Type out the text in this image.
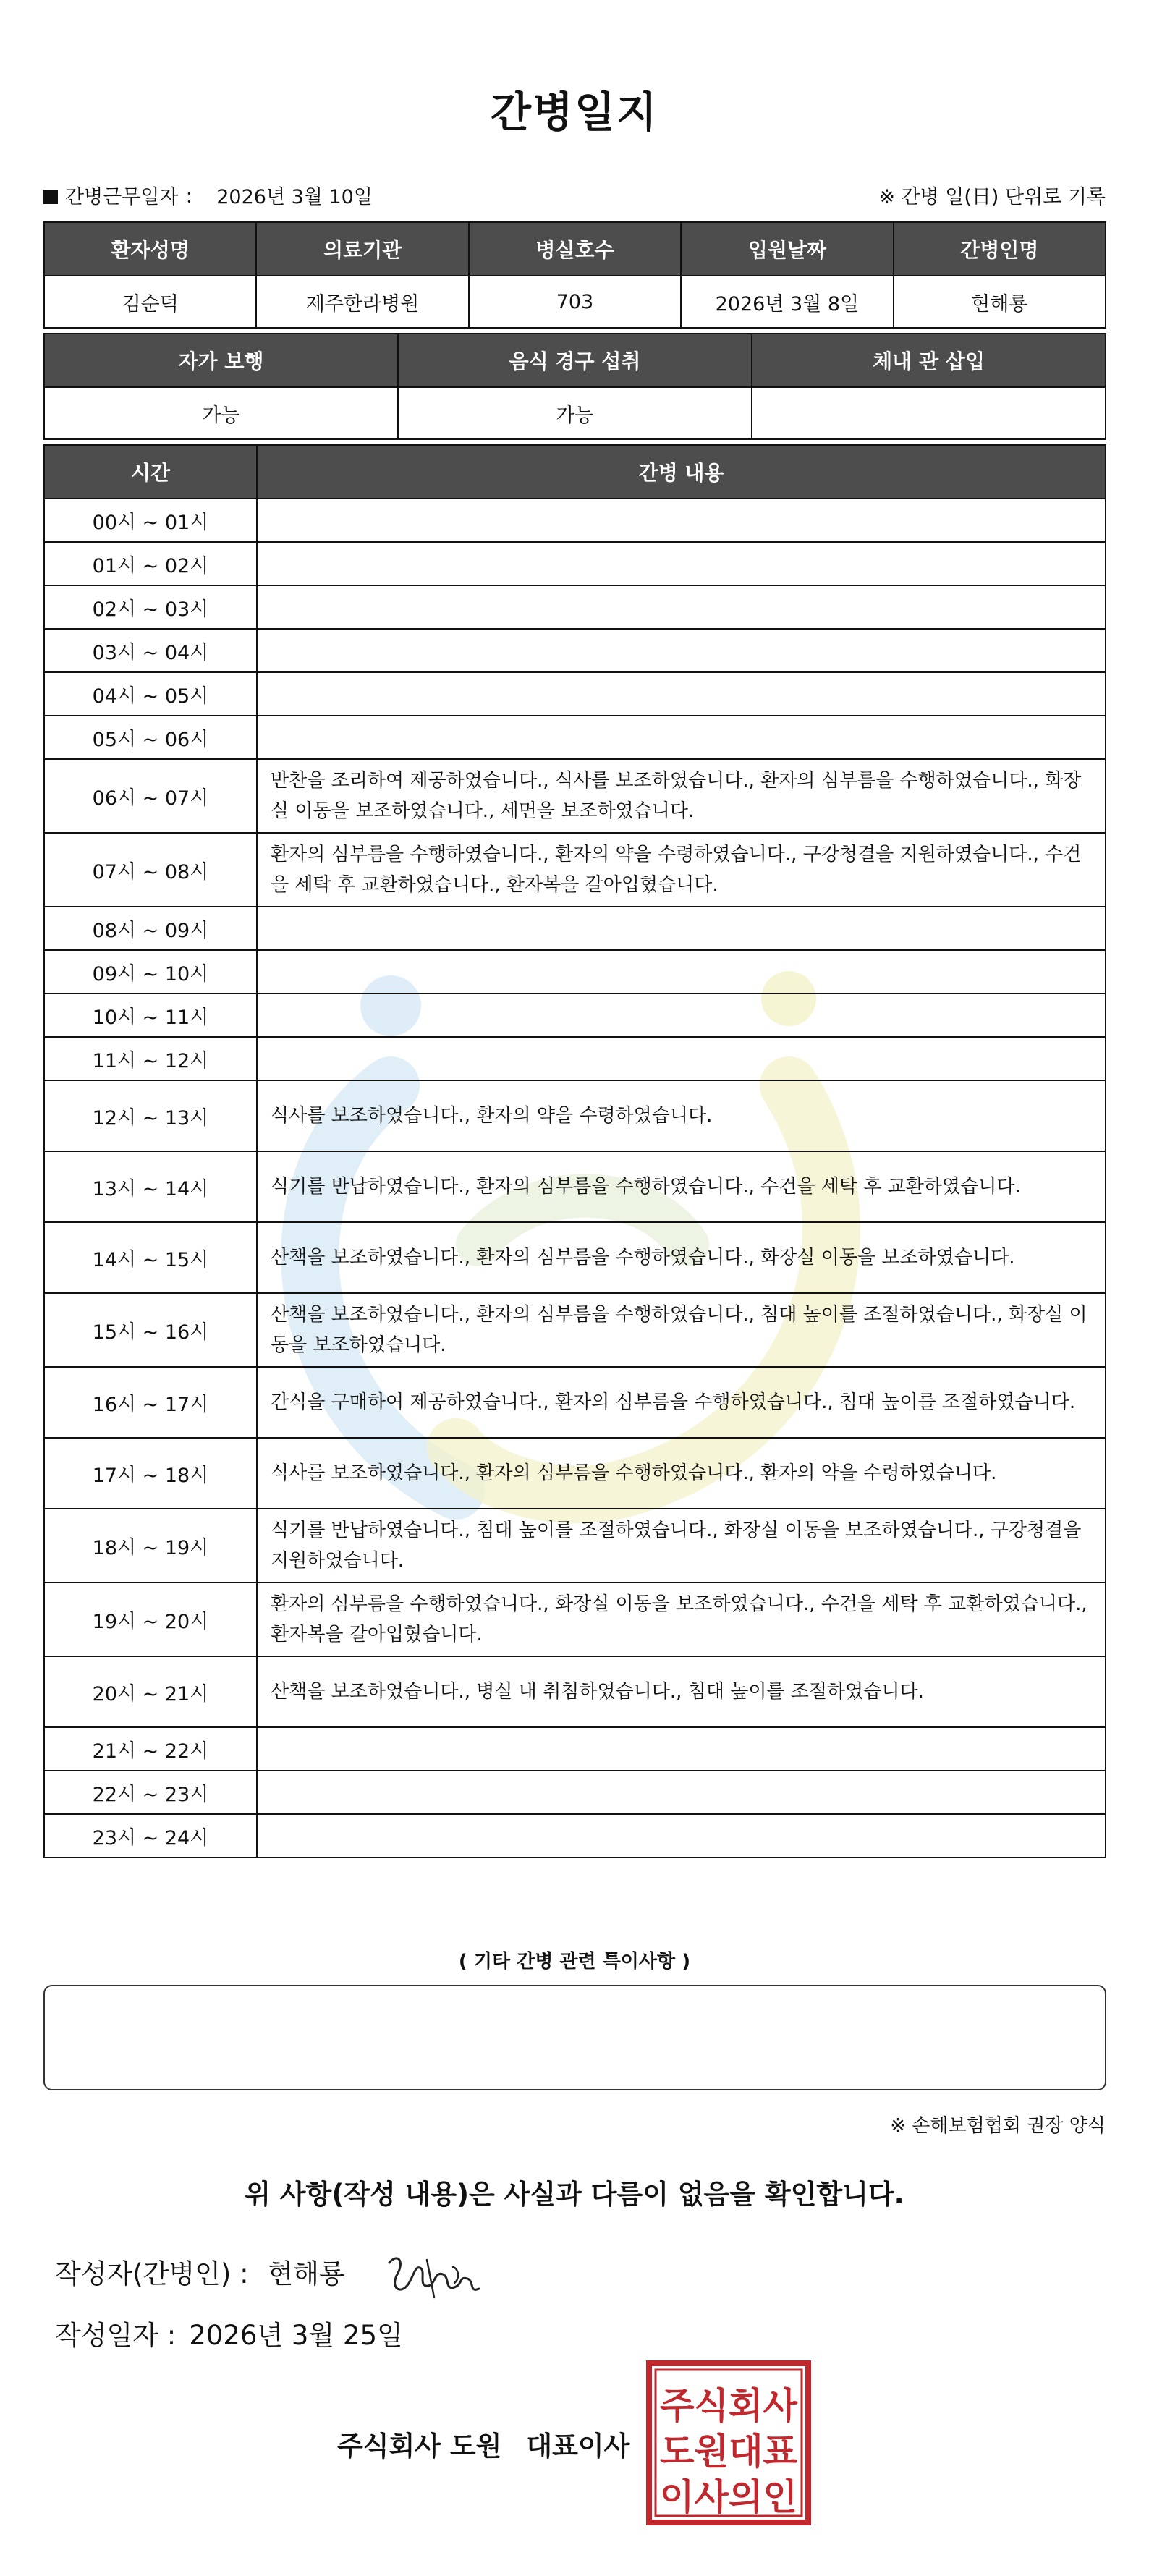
간병일지
간병근무일자 ： 2026년 3월 10일	※ 간병 일(日) 단위로 기록
환자성명	의료기관	병실호수	입원날짜	간병인명
김순덕	제주한라병원	703	2026년 3월 8일	현해룡
자가 보행	음식 경구 섭취	체내 관 삽입
가능	가능	
시간	간병 내용
00시 ~ 01시	
01시 ~ 02시	
02시 ~ 03시	
03시 ~ 04시	
04시 ~ 05시	
05시 ~ 06시	
06시 ~ 07시	반찬을 조리하여 제공하였습니다., 식사를 보조하였습니다., 환자의 심부름을 수행하였습니다., 화장실 이동을 보조하였습니다., 세면을 보조하였습니다.
07시 ~ 08시	환자의 심부름을 수행하였습니다., 환자의 약을 수령하였습니다., 구강청결을 지원하였습니다., 수건을 세탁 후 교환하였습니다., 환자복을 갈아입혔습니다.
08시 ~ 09시	
09시 ~ 10시	
10시 ~ 11시	
11시 ~ 12시	
12시 ~ 13시	식사를 보조하였습니다., 환자의 약을 수령하였습니다.
13시 ~ 14시	식기를 반납하였습니다., 환자의 심부름을 수행하였습니다., 수건을 세탁 후 교환하였습니다.
14시 ~ 15시	산책을 보조하였습니다., 환자의 심부름을 수행하였습니다., 화장실 이동을 보조하였습니다.
15시 ~ 16시	산책을 보조하였습니다., 환자의 심부름을 수행하였습니다., 침대 높이를 조절하였습니다., 화장실 이동을 보조하였습니다.
16시 ~ 17시	간식을 구매하여 제공하였습니다., 환자의 심부름을 수행하였습니다., 침대 높이를 조절하였습니다.
17시 ~ 18시	식사를 보조하였습니다., 환자의 심부름을 수행하였습니다., 환자의 약을 수령하였습니다.
18시 ~ 19시	식기를 반납하였습니다., 침대 높이를 조절하였습니다., 화장실 이동을 보조하였습니다., 구강청결을 지원하였습니다.
19시 ~ 20시	환자의 심부름을 수행하였습니다., 화장실 이동을 보조하였습니다., 수건을 세탁 후 교환하였습니다., 환자복을 갈아입혔습니다.
20시 ~ 21시	산책을 보조하였습니다., 병실 내 취침하였습니다., 침대 높이를 조절하였습니다.
21시 ~ 22시	
22시 ~ 23시	
23시 ~ 24시	
( 기타 간병 관련 특이사항 )
※ 손해보험협회 권장 양식
위 사항(작성 내용)은 사실과 다름이 없음을 확인합니다.
작성자(간병인) : 현해룡
작성일자 : 2026년 3월 25일
주식회사 도원 대표이사
주식회사
도원대표
이사의인
